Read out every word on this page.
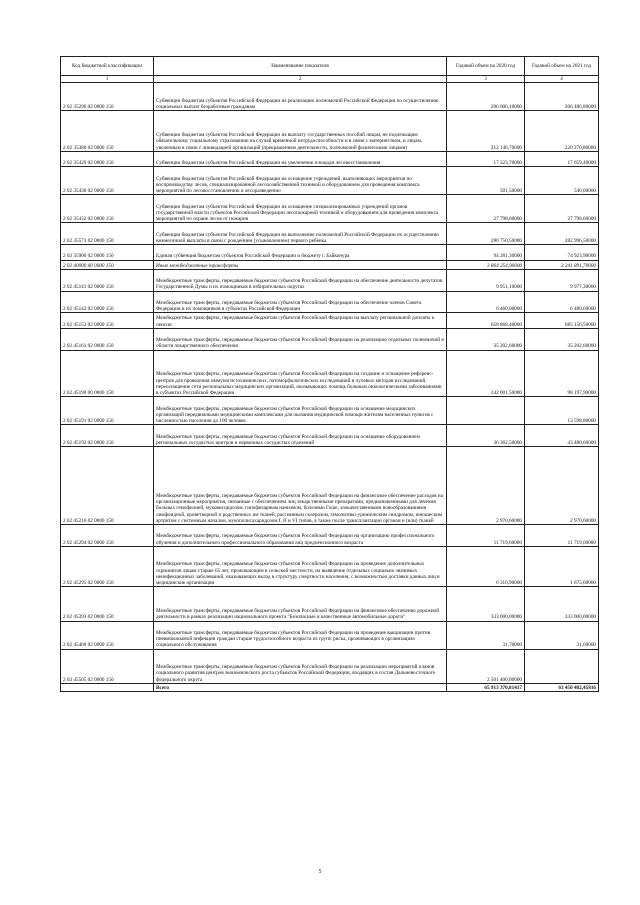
Код бюджетной классификации	Наименование показателя	Годовой объем на 2020 год	Годовой объем на 2021 год
1	2	3	4
2 02 35290 02 0000 150	Субвенции бюджетам субъектов Российской Федерации на реализацию полномочий Российской Федерации по осуществлению социальных выплат безработным гражданам	206 006,10000	206 486,80000
2 02 35380 02 0000 150	Субвенции бюджетам субъектов Российской Федерации на выплату государственных пособий лицам, не подлежащим обязательному социальному страхованию на случай временной нетрудоспособности и в связи с материнством, и лицам, уволенным в связи с ликвидацией организаций (прекращением деятельности, полномочий физическими лицами)	212 146,70000	220 270,80000
2 02 35429 02 0000 150	Субвенции бюджетам субъектов Российской Федерации на увеличение площади лесовосстановления	17 323,70000	17 659,40000
2 02 35430 02 0000 150	Субвенции бюджетам субъектов Российской Федерации на оснащение учреждений, выполняющих мероприятия по воспроизводству лесов, специализированной лесохозяйственной техникой и оборудованием для проведения комплекса мероприятий по лесовосстановлению и лесоразведению	501,50000	540,00000
2 02 35432 02 0000 150	Субвенции бюджетам субъектов Российской Федерации на оснащение специализированных учреждений органов государственной власти субъектов Российской Федерации лесопожарной техникой и оборудованием для проведения комплекса мероприятий по охране лесов от пожаров	27 798,60000	27 798,60000
2 02 35573 02 0000 150	Субвенции бюджетам субъектов Российской Федерации на выполнение полномочий Российской Федерации по осуществлению ежемесячной выплаты в связи с рождением (усыновлением) первого ребенка	280 750,50000	282 996,50000
2 02 35900 02 0000 150	Единая субвенция бюджетам субъектов Российской Федерации и бюджету г. Байконура	94 281,30000	74 923,90000
2 02 40000 00 0000 150	Иные межбюджетные трансферты	3 864 254,90000	3 241 891,70000
2 02 45141 02 0000 150	Межбюджетные трансферты, передаваемые бюджетам субъектов Российской Федерации на обеспечение деятельности депутатов Государственной Думы и их помощников в избирательных округах	9 951,10000	9 977,30000
2 02 45142 02 0000 150	Межбюджетные трансферты, передаваемые бюджетам субъектов Российской Федерации на обеспечение членов Совета Федерации и их помощников в субъектах Российской Федерации	6 460,00000	6 480,60000
2 02 45153 02 0000 150	Межбюджетные трансферты, передаваемые бюджетам субъектов Российской Федерации на выплату региональной доплаты к пенсии	658 868,40000	685 156,50000
2 02 45161 02 0000 150	Межбюджетные трансферты, передаваемые бюджетам субъектов Российской Федерации на реализацию отдельных полномочий в области лекарственного обеспечения	35 202,60000	35 202,60000
2 02 45190 00 0000 150	Межбюджетные трансферты, передаваемые бюджетам субъектов Российской Федерации на создание и оснащение референс-центров для проведения иммуногистохимических, патоморфологических исследований и лучевых методов исследований, переоснащение сети региональных медицинских организаций, оказывающих помощь больным онкологическими заболеваниями в субъектах Российской Федерации	242 001,50000	98 197,90000
2 02 45191 02 0000 150	Межбюджетные трансферты, передаваемые бюджетам субъектов Российской Федерации на оснащение медицинских организаций передвижными медицинскими комплексами для оказания медицинской помощи жителям населенных пунктов с численностью населения до 100 человек		13 598,80000
2 02 45192 02 0000 150	Межбюджетные трансферты, передаваемые бюджетам субъектов Российской Федерации на оснащение оборудованием региональных сосудистых центров и первичных сосудистых отделений	36 362,50000	43 480,60000
2 02 45216 02 0000 150	Межбюджетные трансферты, передаваемые бюджетам субъектов Российской Федерации на финансовое обеспечение расходов на организационные мероприятия, связанные с обеспечением лиц лекарственными препаратами, предназначенными для лечения больных гемофилией, муковисцидозом, гипофизарным нанизмом, болезнью Гоше, злокачественными новообразованиями лимфоидной, кроветворной и родственных им тканей, рассеянным склерозом, гемолитико-уремическим синдромом, юношеским артритом с системным началом, мукополисахаридозом I, II и VI типов, а также после трансплантации органов и (или) тканей	2 970,60000	2 970,60000
2 02 45294 02 0000 150	Межбюджетные трансферты, передаваемые бюджетам субъектов Российской Федерации на организацию профессионального обучения и дополнительного профессионального образования лиц предпенсионного возраста	11 719,60000	11 719,60000
2 02 45295 02 0000 150	Межбюджетные трансферты, передаваемые бюджетам субъектов Российской Федерации на проведение дополнительных скринингов лицам старше 65 лет, проживающим в сельской местности, на выявление отдельных социально значимых неинфекционных заболеваний, оказывающих вклад в структуру смертности населения, с возможностью доставки данных лиц в медицинские организации	6 316,90000	1 675,60000
2 02 45393 02 0000 150	Межбюджетные трансферты, передаваемые бюджетам субъектов Российской Федерации на финансовое обеспечение дорожной деятельности в рамках реализации национального проекта "Безопасные и качественные автомобильные дороги"	333 000,00000	333 000,00000
2 02 45468 02 0000 150	Межбюджетные трансферты, передаваемые бюджетам субъектов Российской Федерации на проведение вакцинации против пневмококковой инфекции граждан старше трудоспособного возраста из групп риска, проживающих в организациях социального обслуживания	31,70000	31,60000
2 02 45505 02 0000 150	Межбюджетные трансферты, передаваемые бюджетам субъектов Российской Федерации на реализацию мероприятий планов социального развития центров экономического роста субъектов Российской Федерации, входящих в состав Дальневосточного федерального округа	2 501 400,00000	
	Всего	65 913 370,81417	63 450 482,45816
5
